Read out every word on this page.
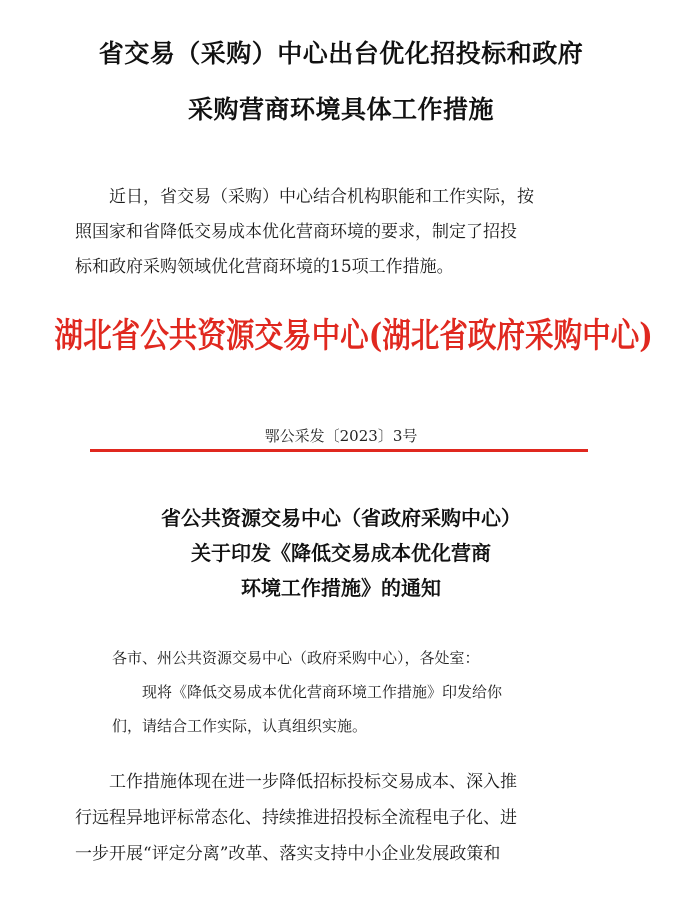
省交易（采购）中心出台优化招投标和政府
采购营商环境具体工作措施
近日，省交易（采购）中心结合机构职能和工作实际，按
照国家和省降低交易成本优化营商环境的要求，制定了招投
标和政府采购领域优化营商环境的15项工作措施。
湖北省公共资源交易中心(湖北省政府采购中心)
鄂公采发〔2023〕3号
省公共资源交易中心（省政府采购中心）
关于印发《降低交易成本优化营商
环境工作措施》的通知
各市、州公共资源交易中心（政府采购中心），各处室：
现将《降低交易成本优化营商环境工作措施》印发给你
们，请结合工作实际，认真组织实施。
工作措施体现在进一步降低招标投标交易成本、深入推
行远程异地评标常态化、持续推进招投标全流程电子化、进
一步开展“评定分离”改革、落实支持中小企业发展政策和
